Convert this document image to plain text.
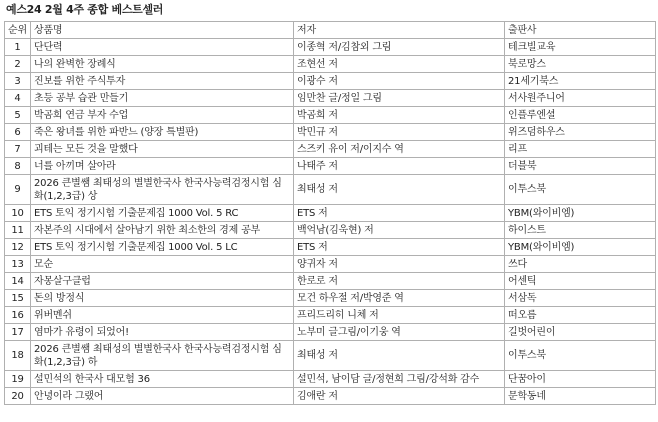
예스24 2월 4주 종합 베스트셀러
순위	상품명	저자	출판사
1	단단력	이종혁 저/김참외 그림	테크빌교육
2	나의 완벽한 장례식	조현선 저	북로망스
3	진보를 위한 주식투자	이광수 저	21세기북스
4	초등 공부 습관 만들기	임만찬 글/정일 그림	서사원주니어
5	박곰희 연금 부자 수업	박곰희 저	인플루엔셜
6	죽은 왕녀를 위한 파반느 (양장 특별판)	박민규 저	위즈덤하우스
7	괴테는 모든 것을 말했다	스즈키 유이 저/이지수 역	리프
8	너를 아끼며 살아라	나태주 저	더블북
9	2026 큰별쌤 최태성의 별별한국사 한국사능력검정시험 심화(1,2,3급) 상	최태성 저	이투스북
10	ETS 토익 정기시험 기출문제집 1000 Vol. 5 RC	ETS 저	YBM(와이비엠)
11	자본주의 시대에서 살아남기 위한 최소한의 경제 공부	백억남(김욱현) 저	하이스트
12	ETS 토익 정기시험 기출문제집 1000 Vol. 5 LC	ETS 저	YBM(와이비엠)
13	모순	양귀자 저	쓰다
14	자몽살구클럽	한로로 저	어센틱
15	돈의 방정식	모건 하우절 저/박영준 역	서삼독
16	위버멘쉬	프리드리히 니체 저	떠오름
17	염마가 유령이 되었어!	노부미 글그림/이기웅 역	길벗어린이
18	2026 큰별쌤 최태성의 별별한국사 한국사능력검정시험 심화(1,2,3급) 하	최태성 저	이투스북
19	설민석의 한국사 대모험 36	설민석, 남이담 글/정현희 그림/강석화 감수	단꿈아이
20	안녕이라 그랬어	김애란 저	문학동네
